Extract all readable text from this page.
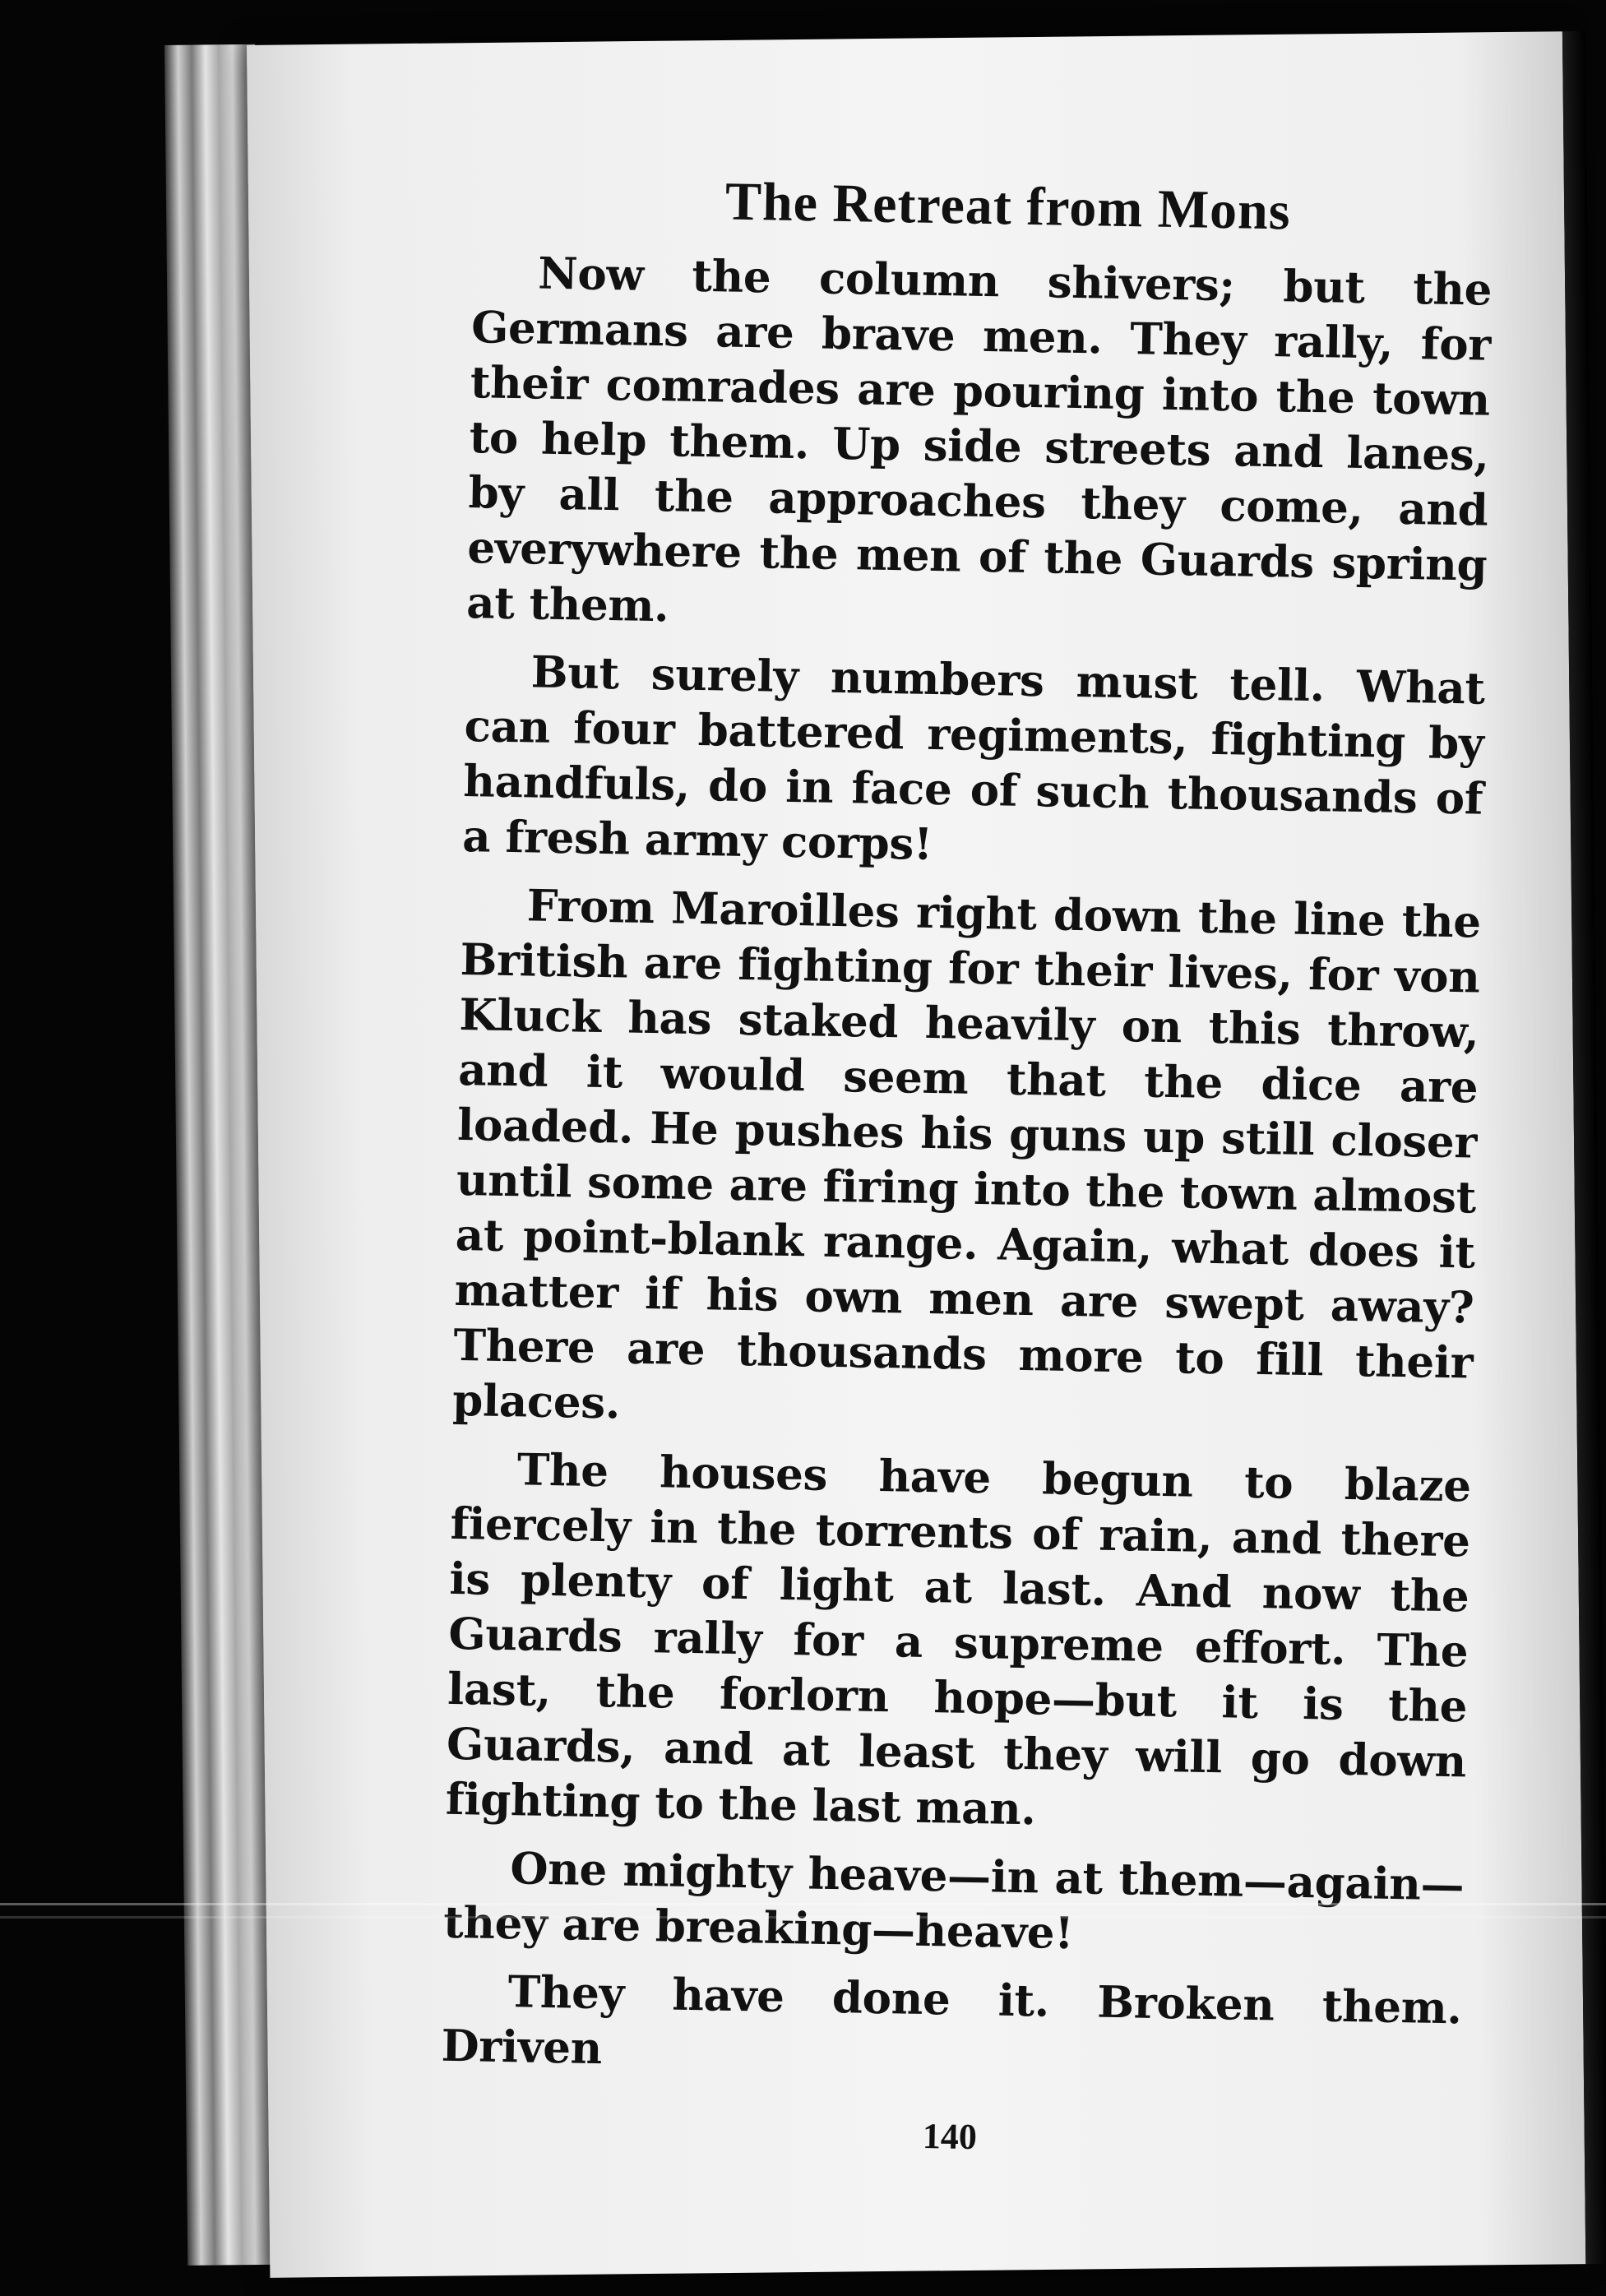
The Retreat from Mons

Now the column shivers; but the Germans are brave men. They rally, for their comrades are pouring into the town to help them. Up side streets and lanes, by all the approaches they come, and everywhere the men of the Guards spring at them.

But surely numbers must tell. What can four battered regiments, fighting by handfuls, do in face of such thousands of a fresh army corps!

From Maroilles right down the line the British are fighting for their lives, for von Kluck has staked heavily on this throw, and it would seem that the dice are loaded. He pushes his guns up still closer until some are firing into the town almost at point-blank range. Again, what does it matter if his own men are swept away? There are thousands more to fill their places.

The houses have begun to blaze fiercely in the torrents of rain, and there is plenty of light at last. And now the Guards rally for a supreme effort. The last, the forlorn hope—but it is the Guards, and at least they will go down fighting to the last man.

One mighty heave—in at them—again—they are breaking—heave!

They have done it. Broken them. Driven

140
